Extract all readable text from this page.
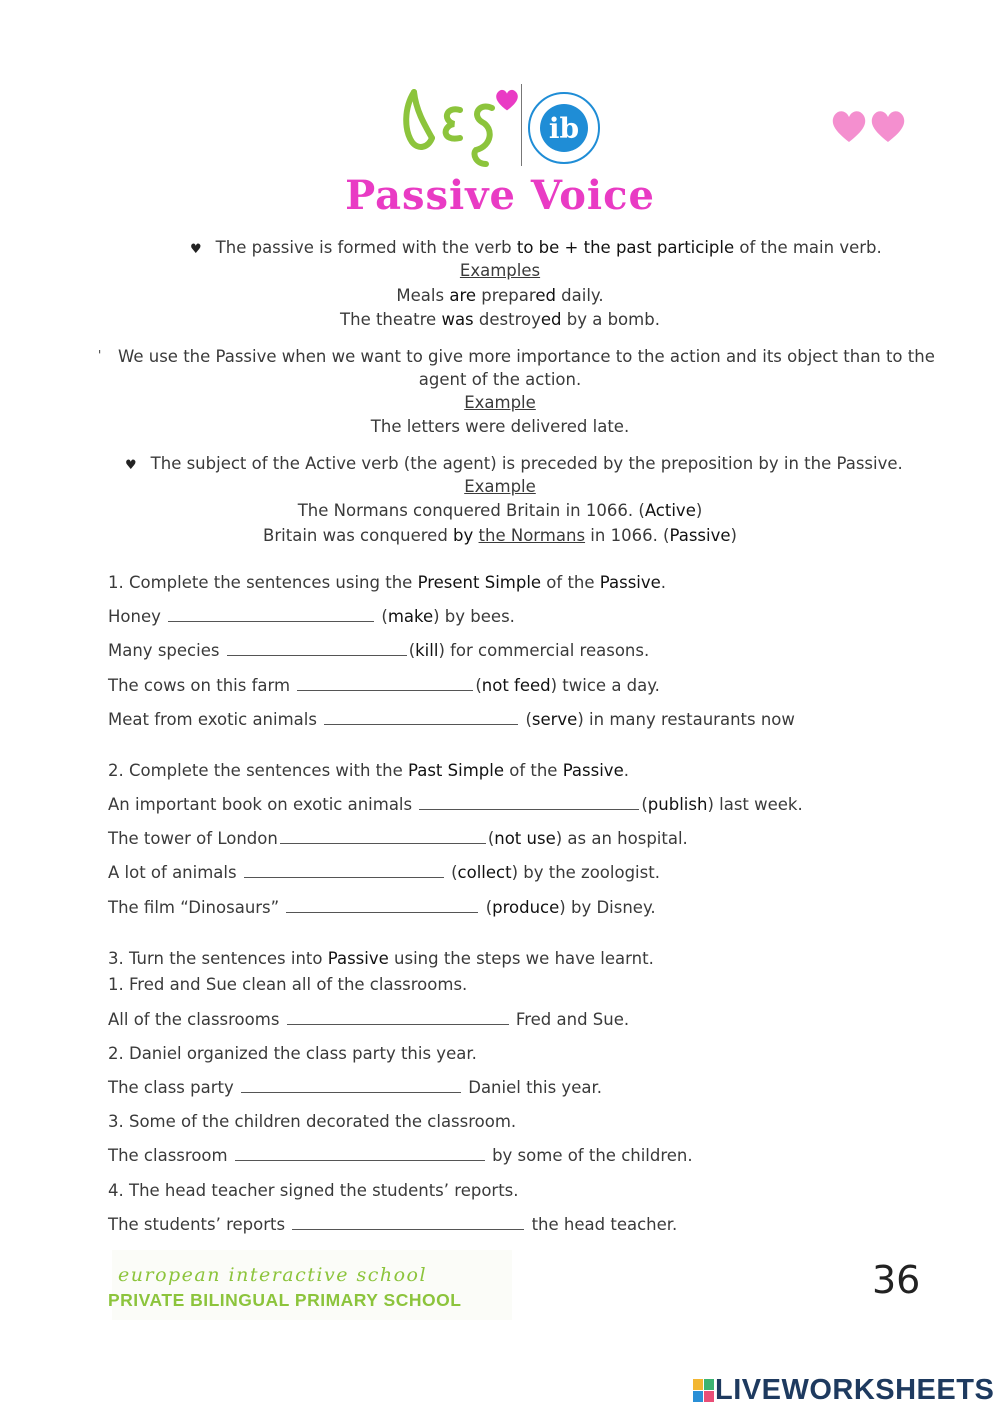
ib
Passive Voice
♥ The passive is formed with the verb to be + the past participle of the main verb.
Examples
Meals are prepared daily.
The theatre was destroyed by a bomb.
' We use the Passive when we want to give more importance to the action and its object than to the
agent of the action.
Example
The letters were delivered late.
♥ The subject of the Active verb (the agent) is preceded by the preposition by in the Passive.
Example
The Normans conquered Britain in 1066. (Active)
Britain was conquered by the Normans in 1066. (Passive)
1. Complete the sentences using the Present Simple of the Passive.
Honey	(make) by bees.
Many species	(kill) for commercial reasons.
The cows on this farm	(not feed) twice a day.
Meat from exotic animals	(serve) in many restaurants now
2. Complete the sentences with the Past Simple of the Passive.
An important book on exotic animals	(publish) last week.
The tower of London	(not use) as an hospital.
A lot of animals	(collect) by the zoologist.
The film “Dinosaurs”	(produce) by Disney.
3. Turn the sentences into Passive using the steps we have learnt.
1. Fred and Sue clean all of the classrooms.
All of the classrooms	Fred and Sue.
2. Daniel organized the class party this year.
The class party	Daniel this year.
3. Some of the children decorated the classroom.
The classroom	by some of the children.
4. The head teacher signed the students’ reports.
The students’ reports	the head teacher.
european interactive school
PRIVATE BILINGUAL PRIMARY SCHOOL	36
LIVEWORKSHEETS
